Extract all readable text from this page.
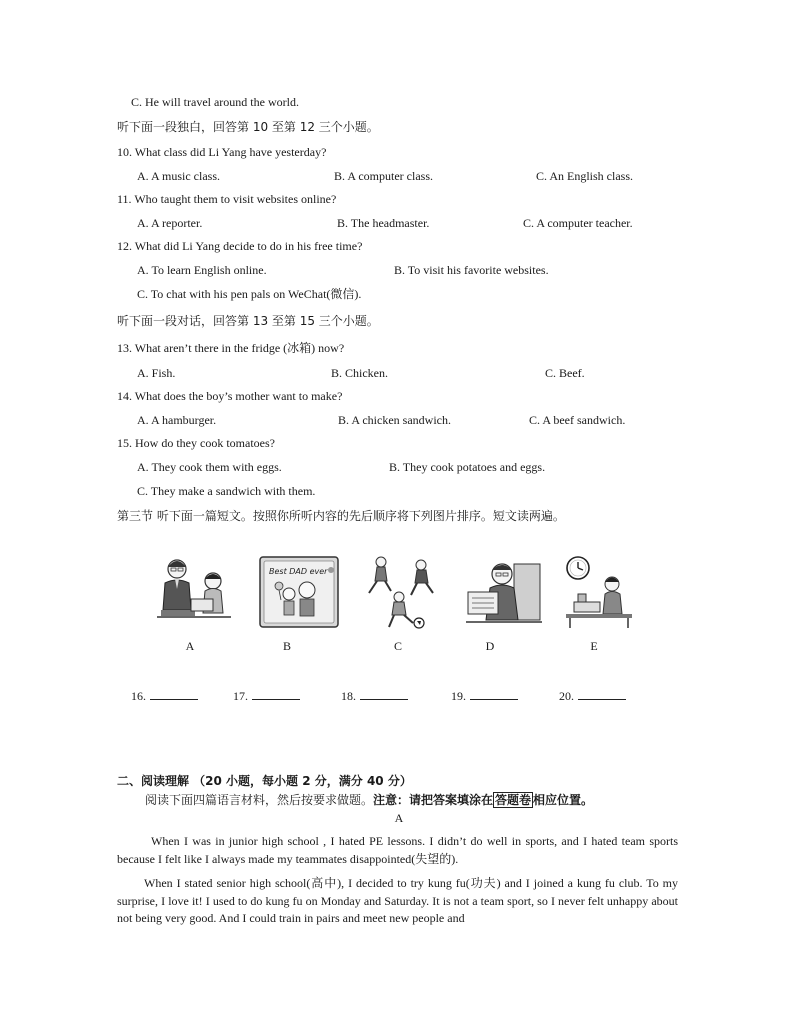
C. He will travel around the world.
听下面一段独白，回答第 10 至第 12 三个小题。
10. What class did Li Yang have yesterday?
A. A music class.	B. A computer class.	C. An English class.
11. Who taught them to visit websites online?
A. A reporter.	B. The headmaster.	C. A computer teacher.
12. What did Li Yang decide to do in his free time?
A. To learn English online.	B. To visit his favorite websites.
C. To chat with his pen pals on WeChat(微信).
听下面一段对话，回答第 13 至第 15 三个小题。
13. What aren’t there in the fridge (冰箱) now?
A. Fish.	B. Chicken.	C. Beef.
14. What does the boy’s mother want to make?
A. A hamburger.	B. A chicken sandwich.	C. A beef sandwich.
15. How do they cook tomatoes?
A. They cook them with eggs.	B. They cook potatoes and eggs.
C. They make a sandwich with them.
第三节 听下面一篇短文。按照你所听内容的先后顺序将下列图片排序。短文读两遍。
Best DAD ever
A	B	C	D	E
16.	17.	18.	19.	20.
二、阅读理解 （20 小题，每小题 2 分，满分 40 分）
阅读下面四篇语言材料，然后按要求做题。注意：请把答案填涂在 答题卷 相应位置。
A
When I was in junior high school , I hated PE lessons. I didn’t do well in sports, and I hated team sports because I felt like I always made my teammates disappointed(失望的).
When I stated senior high school(高中), I decided to try kung fu(功夫) and I joined a kung fu club. To my surprise, I love it! I used to do kung fu on Monday and Saturday. It is not a team sport, so I never felt unhappy about not being very good. And I could train in pairs and meet new people and
